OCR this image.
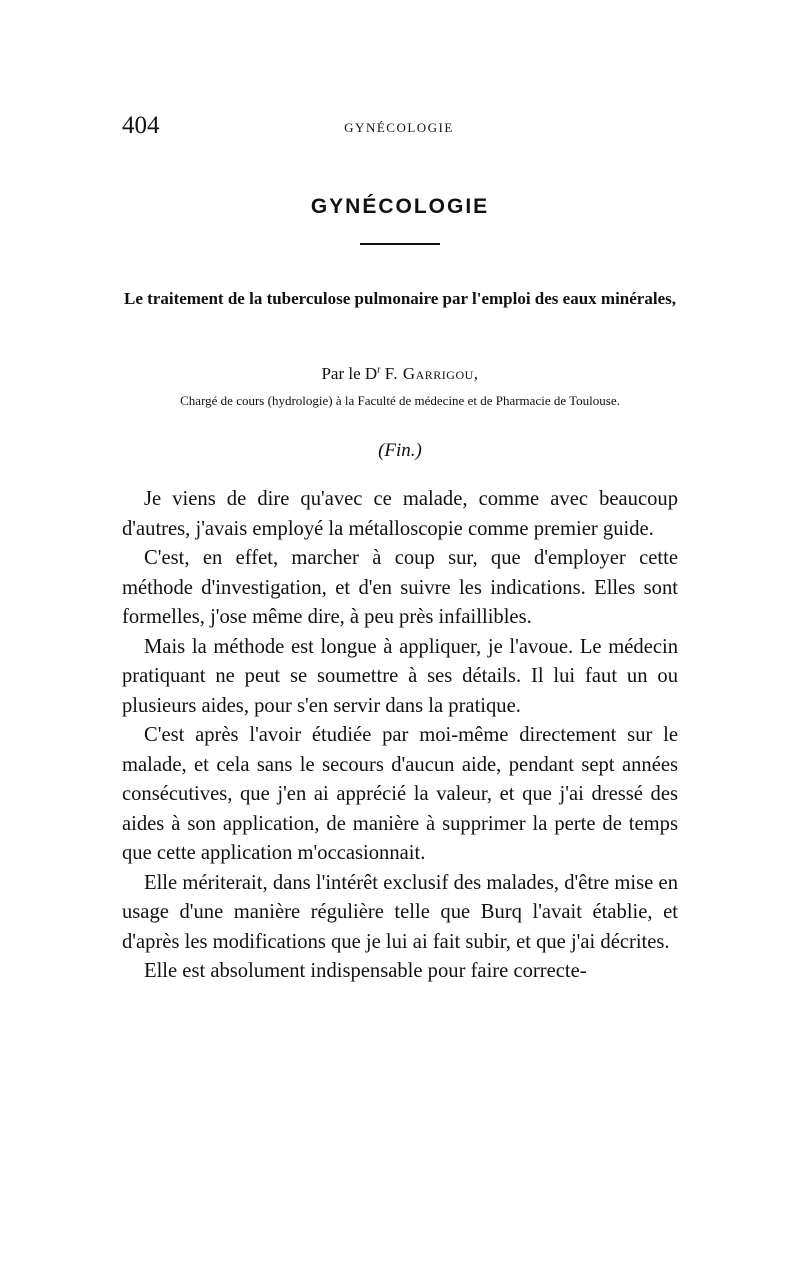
404	GYNÉCOLOGIE
GYNÉCOLOGIE
Le traitement de la tuberculose pulmonaire par l'emploi des eaux minérales,
Par le $D^r$ F. Garrigou,
Chargé de cours (hydrologie) à la Faculté de médecine et de Pharmacie de Toulouse.
(Fin.)

Je viens de dire qu'avec ce malade, comme avec beaucoup d'autres, j'avais employé la métalloscopie comme premier guide.

C'est, en effet, marcher à coup sur, que d'employer cette méthode d'investigation, et d'en suivre les indications. Elles sont formelles, j'ose même dire, à peu près infaillibles.

Mais la méthode est longue à appliquer, je l'avoue. Le médecin pratiquant ne peut se soumettre à ses détails. Il lui faut un ou plusieurs aides, pour s'en servir dans la pratique.

C'est après l'avoir étudiée par moi-même directement sur le malade, et cela sans le secours d'aucun aide, pendant sept années consécutives, que j'en ai apprécié la valeur, et que j'ai dressé des aides à son application, de manière à supprimer la perte de temps que cette application m'occasionnait.

Elle mériterait, dans l'intérêt exclusif des malades, d'être mise en usage d'une manière régulière telle que Burq l'avait établie, et d'après les modifications que je lui ai fait subir, et que j'ai décrites.

Elle est absolument indispensable pour faire correcte-
